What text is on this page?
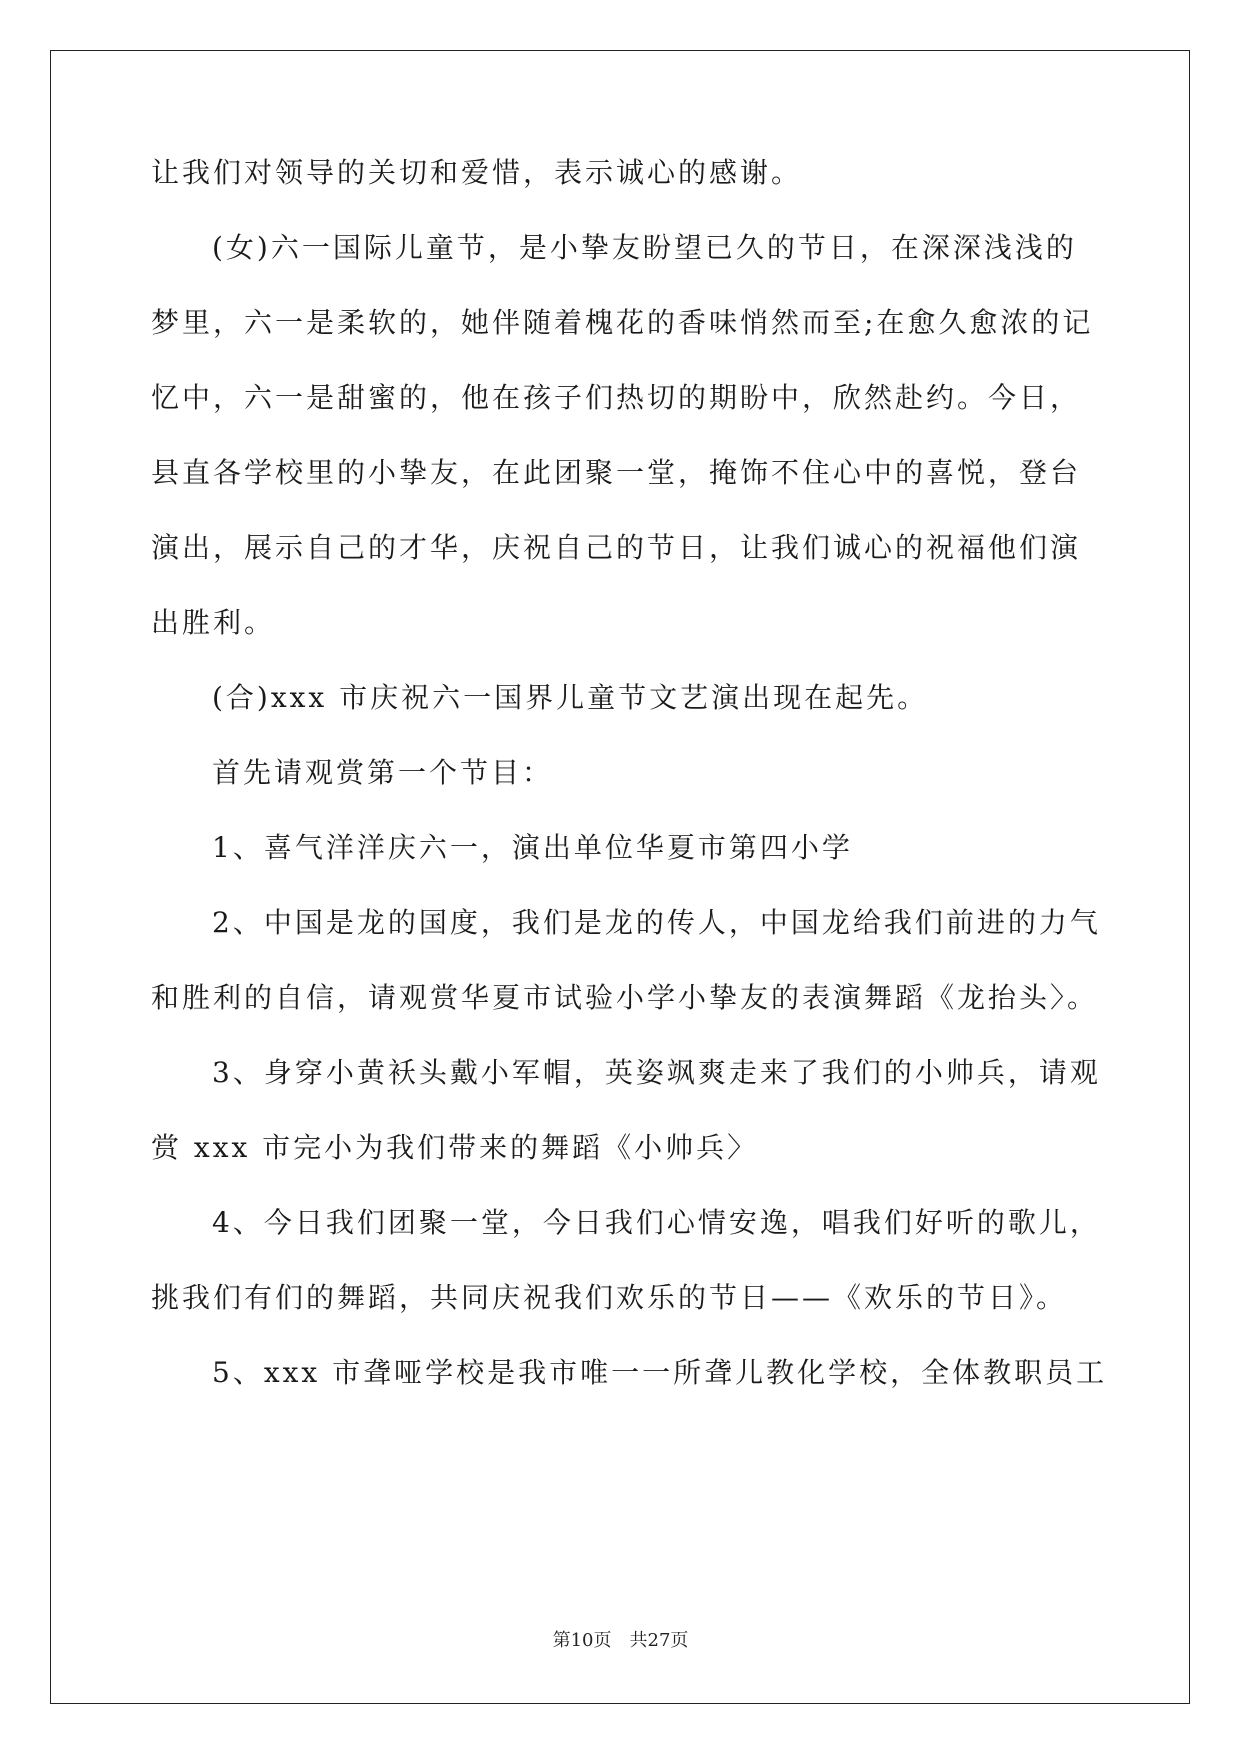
让我们对领导的关切和爱惜，表示诚心的感谢。
(女)六一国际儿童节，是小挚友盼望已久的节日，在深深浅浅的
梦里，六一是柔软的，她伴随着槐花的香味悄然而至;在愈久愈浓的记
忆中，六一是甜蜜的，他在孩子们热切的期盼中，欣然赴约。今日，
县直各学校里的小挚友，在此团聚一堂，掩饰不住心中的喜悦，登台
演出，展示自己的才华，庆祝自己的节日，让我们诚心的祝福他们演
出胜利。
(合)xxx 市庆祝六一国界儿童节文艺演出现在起先。
首先请观赏第一个节目：
1、喜气洋洋庆六一，演出单位华夏市第四小学
2、中国是龙的国度，我们是龙的传人，中国龙给我们前进的力气
和胜利的自信，请观赏华夏市试验小学小挚友的表演舞蹈《龙抬头〉。
3、身穿小黄袄头戴小军帽，英姿飒爽走来了我们的小帅兵，请观
赏 xxx 市完小为我们带来的舞蹈《小帅兵〉
4、今日我们团聚一堂，今日我们心情安逸，唱我们好听的歌儿，
挑我们有们的舞蹈，共同庆祝我们欢乐的节日——《欢乐的节日》。
5、xxx 市聋哑学校是我市唯一一所聋儿教化学校，全体教职员工
第10页　共27页
